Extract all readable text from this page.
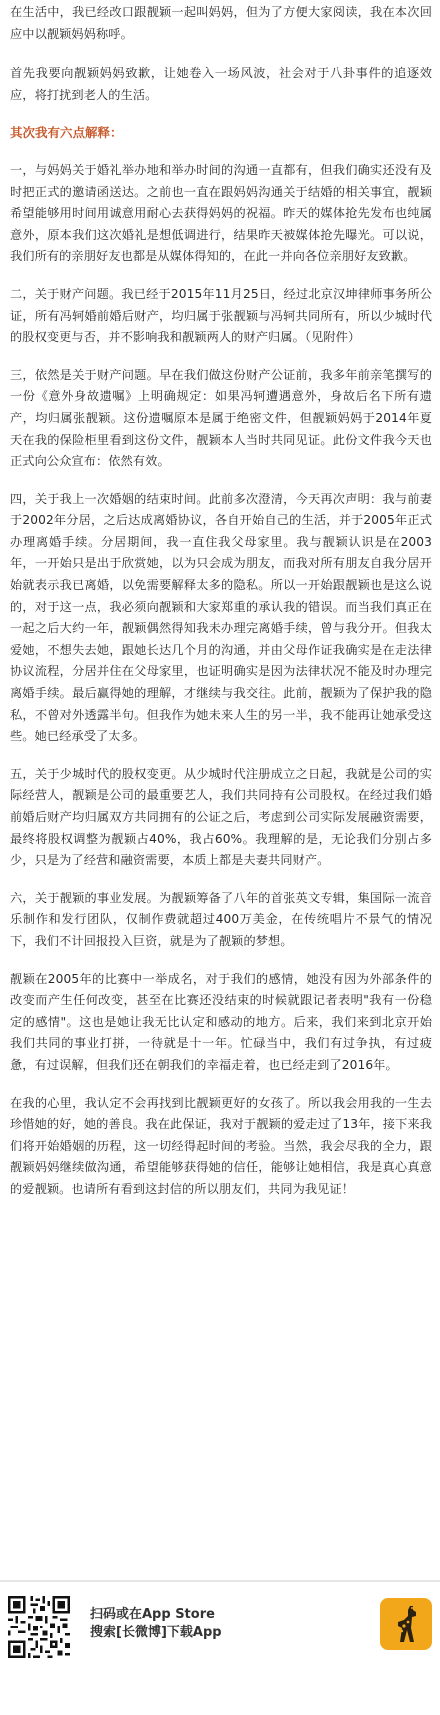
在生活中，我已经改口跟靓颖一起叫妈妈，但为了方便大家阅读，我在本次回应中以靓颖妈妈称呼。

首先我要向靓颖妈妈致歉，让她卷入一场风波，社会对于八卦事件的追逐效应，将打扰到老人的生活。

其次我有六点解释：

一，与妈妈关于婚礼举办地和举办时间的沟通一直都有，但我们确实还没有及时把正式的邀请函送达。之前也一直在跟妈妈沟通关于结婚的相关事宜，靓颖希望能够用时间用诚意用耐心去获得妈妈的祝福。昨天的媒体抢先发布也纯属意外，原本我们这次婚礼是想低调进行，结果昨天被媒体抢先曝光。可以说，我们所有的亲朋好友也都是从媒体得知的，在此一并向各位亲朋好友致歉。

二，关于财产问题。我已经于2015年11月25日，经过北京汉坤律师事务所公证，所有冯轲婚前婚后财产，均归属于张靓颖与冯轲共同所有，所以少城时代的股权变更与否，并不影响我和靓颖两人的财产归属。（见附件）

三，依然是关于财产问题。早在我们做这份财产公证前，我多年前亲笔撰写的一份《意外身故遗嘱》上明确规定：如果冯轲遭遇意外，身故后名下所有遗产，均归属张靓颖。这份遗嘱原本是属于绝密文件，但靓颖妈妈于2014年夏天在我的保险柜里看到这份文件，靓颖本人当时共同见证。此份文件我今天也正式向公众宣布：依然有效。

四，关于我上一次婚姻的结束时间。此前多次澄清，今天再次声明：我与前妻于2002年分居，之后达成离婚协议，各自开始自己的生活，并于2005年正式办理离婚手续。分居期间，我一直住我父母家里。我与靓颖认识是在2003年，一开始只是出于欣赏她，以为只会成为朋友，而我对所有朋友自我分居开始就表示我已离婚，以免需要解释太多的隐私。所以一开始跟靓颖也是这么说的，对于这一点，我必须向靓颖和大家郑重的承认我的错误。而当我们真正在一起之后大约一年，靓颖偶然得知我未办理完离婚手续，曾与我分开。但我太爱她，不想失去她，跟她长达几个月的沟通，并由父母作证我确实是在走法律协议流程，分居并住在父母家里，也证明确实是因为法律状况不能及时办理完离婚手续。最后赢得她的理解，才继续与我交往。此前，靓颖为了保护我的隐私，不曾对外透露半句。但我作为她未来人生的另一半，我不能再让她承受这些。她已经承受了太多。

五，关于少城时代的股权变更。从少城时代注册成立之日起，我就是公司的实际经营人，靓颖是公司的最重要艺人，我们共同持有公司股权。在经过我们婚前婚后财产均归属双方共同拥有的公证之后，考虑到公司实际发展融资需要，最终将股权调整为靓颖占40%，我占60%。我理解的是，无论我们分别占多少，只是为了经营和融资需要，本质上都是夫妻共同财产。

六，关于靓颖的事业发展。为靓颖筹备了八年的首张英文专辑，集国际一流音乐制作和发行团队，仅制作费就超过400万美金，在传统唱片不景气的情况下，我们不计回报投入巨资，就是为了靓颖的梦想。

靓颖在2005年的比赛中一举成名，对于我们的感情，她没有因为外部条件的改变而产生任何改变，甚至在比赛还没结束的时候就跟记者表明"我有一份稳定的感情"。这也是她让我无比认定和感动的地方。后来，我们来到北京开始我们共同的事业打拼，一待就是十一年。忙碌当中，我们有过争执，有过疲惫，有过误解，但我们还在朝我们的幸福走着，也已经走到了2016年。

在我的心里，我认定不会再找到比靓颖更好的女孩了。所以我会用我的一生去珍惜她的好，她的善良。我在此保证，我对于靓颖的爱走过了13年，接下来我们将开始婚姻的历程，这一切经得起时间的考验。当然，我会尽我的全力，跟靓颖妈妈继续做沟通，希望能够获得她的信任，能够让她相信，我是真心真意的爱靓颖。也请所有看到这封信的所以朋友们，共同为我见证！

扫码或在App Store
搜索[长微博]下载App
